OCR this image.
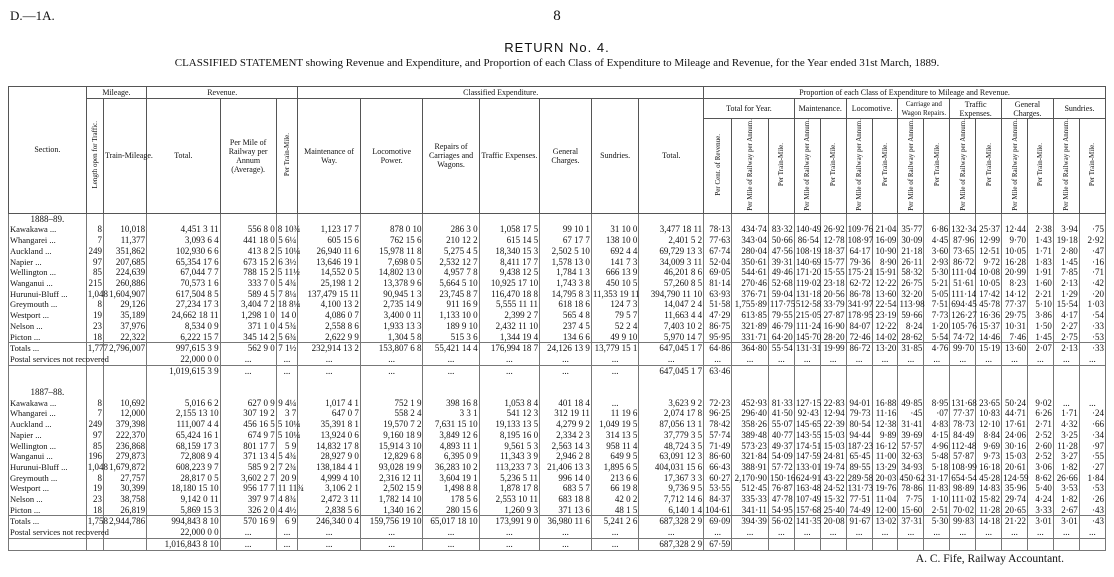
D.—1A.	8
RETURN No. 4.
CLASSIFIED STATEMENT showing Revenue and Expenditure, and Proportion of each Class of Expenditure to Mileage and Revenue, for the Year ended 31st March, 1889.
Section.	Mileage.		Revenue.			Classified Expenditure.							Proportion of each Class of Expenditure to Mileage and Revenue.														
	Length open for Traffic.	Train-Mileage.	Total.	Per Mile of Railway per Annum (Average).	Per Train-Mile.	Maintenance of Way.	Locomotive Power.	Repairs of Carriages and Wagons.	Traffic Expenses.	General Charges.	Sundries.	Total.	Total for Year.			Maintenance.		Locomotive.		Carriage and Wagon Repairs.		Traffic Expenses.		General Charges.		Sundries.	
													Per Cent. of Revenue.	Per Mile of Railway per Annum.	Per Train-Mile.	Per Mile of Railway per Annum.	Per Train-Mile.	Per Mile of Railway per Annum.	Per Train-Mile.	Per Mile of Railway per Annum.	Per Train-Mile.	Per Mile of Railway per Annum.	Per Train-Mile.	Per Mile of Railway per Annum.	Per Train-Mile.	Per Mile of Railway per Annum.	Per Train-Mile.
1888–89.																											
Kawakawa ...	8	10,018	4,451 3 11	556 8 0	8 10¾	1,123 17 7	878 0 10	286 3 0	1,058 17 5	99 10 1	31 10 0	3,477 18 11	78·13	434·74	83·32	140·49	26·92	109·76	21·04	35·77	6·86	132·34	25·37	12·44	2·38	3·94	·75
Whangarei ...	7	11,377	3,093 6 4	441 18 0	5 6¼	605 15 6	762 15 6	210 12 2	615 14 5	67 17 7	138 10 0	2,401 5 2	77·63	343·04	50·66	86·54	12·78	108·97	16·09	30·09	4·45	87·96	12·99	9·70	1·43	19·18	2·92
Auckland ...	249	351,862	102,930 6 6	413 8 2	5 10¼	26,940 11 6	15,978 11 8	5,275 4 5	18,340 15 3	2,502 5 10	692 4 4	69,729 13 3	67·74	280·04	47·56	108·19	18·37	64·17	10·90	21·18	3·60	73·65	12·51	10·05	1·71	2·80	·47
Napier ...	97	207,685	65,354 17 6	673 15 2	6 3½	13,646 19 1	7,698 0 5	2,532 12 7	8,411 17 7	1,578 13 0	141 7 3	34,009 3 11	52·04	350·61	39·31	140·69	15·77	79·36	8·90	26·11	2·93	86·72	9·72	16·28	1·83	1·45	·16
Wellington ...	85	224,639	67,044 7 7	788 15 2	5 11½	14,552 0 5	14,802 13 0	4,957 7 8	9,438 12 5	1,784 1 3	666 13 9	46,201 8 6	69·05	544·61	49·46	171·20	15·55	175·21	15·91	58·32	5·30	111·04	10·08	20·99	1·91	7·85	·71
Wanganui ...	215	260,886	70,573 1 6	333 7 0	5 4¾	25,198 1 2	13,378 9 6	5,664 5 10	10,925 17 10	1,743 3 8	450 10 5	57,260 8 5	81·14	270·46	52·68	119·02	23·18	62·72	12·22	26·75	5·21	51·61	10·05	8·23	1·60	2·13	·42
Hurunui-Bluff ...	1,048	1,604,907	617,504 8 5	589 4 5	7 8¼	137,479 15 11	90,945 1 3	23,745 8 7	116,470 18 8	14,795 8 3	11,353 19 11	394,790 11 10	63·93	376·71	59·04	131·18	20·56	86·78	13·60	32·20	5·05	111·14	17·42	14·12	2·21	1·29	·20
Greymouth ...	8	29,126	27,234 17 3	3,404 7 2	18 8¼	4,100 13 2	2,735 14 9	911 16 9	5,555 11 11	618 18 6	124 7 3	14,047 2 4	51·58	1,755·89	117·75	512·58	33·79	341·97	22·54	113·98	7·51	694·45	45·78	77·37	5·10	15·54	1·03
Westport ...	19	35,189	24,662 18 11	1,298 1 0	14 0	4,086 0 7	3,400 0 11	1,133 10 0	2,399 2 7	565 4 8	79 5 7	11,663 4 4	47·29	613·85	79·55	215·05	27·87	178·95	23·19	59·66	7·73	126·27	16·36	29·75	3·86	4·17	·54
Nelson ...	23	37,976	8,534 0 9	371 1 0	4 5¾	2,558 8 6	1,933 13 3	189 9 10	2,432 11 10	237 4 5	52 2 4	7,403 10 2	86·75	321·89	46·79	111·24	16·90	84·07	12·22	8·24	1·20	105·76	15·37	10·31	1·50	2·27	·33
Picton ...	18	22,322	6,222 15 7	345 14 2	5 6¾	2,622 9 9	1,304 5 8	515 3 6	1,344 19 4	134 6 6	49 9 10	5,970 14 7	95·95	331·71	64·20	145·70	28·20	72·46	14·02	28·62	5·54	74·72	14·46	7·46	1·45	2·75	·53
Totals ...	1,777	2,796,007	997,615 3 9	562 9 0	7 1½	232,914 13 2	153,807 6 8	55,421 14 4	176,994 18 7	24,126 13 9	13,779 15 1	647,045 1 7	64·86	364·80	55·54	131·31	19·99	86·72	13·20	31·85	4·76	99·70	15·19	13·60	2·07	2·13	·33
Postal services not recovered			22,000 0 0	...	...	...	...	...	...	...	...	...	...	...	...	...	...	...	...	...	...	...	...	...	...	...	...
			1,019,615 3 9	...	...	...	...	...	...	...	...	647,045 1 7	63·46														

1887–88.																											
Kawakawa ...	8	10,692	5,016 6 2	627 0 9	9 4¼	1,017 4 1	752 1 9	398 16 8	1,053 8 4	401 18 4	...	3,623 9 2	72·23	452·93	81·33	127·15	22·83	94·01	16·88	49·85	8·95	131·68	23·65	50·24	9·02	...	...
Whangarei ...	7	12,000	2,155 13 10	307 19 2	3 7	647 0 7	558 2 4	3 3 1	541 12 3	312 19 11	11 19 6	2,074 17 8	96·25	296·40	41·50	92·43	12·94	79·73	11·16	·45	·07	77·37	10·83	44·71	6·26	1·71	·24
Auckland ...	249	379,398	111,007 4 4	456 16 5	5 10¼	35,391 8 1	19,570 7 2	7,631 15 10	19,133 13 5	4,279 9 2	1,049 19 5	87,056 13 1	78·42	358·26	55·07	145·65	22·39	80·54	12·38	31·41	4·83	78·73	12·10	17·61	2·71	4·32	·66
Napier ...	97	222,370	65,424 16 1	674 9 7	5 10¼	13,924 0 6	9,160 18 9	3,849 12 6	8,195 16 0	2,334 2 3	314 13 5	37,779 3 5	57·74	389·48	40·77	143·55	15·03	94·44	9·89	39·69	4·15	84·49	8·84	24·06	2·52	3·25	·34
Wellington ...	85	236,868	68,159 17 3	801 17 7	5 9	14,832 17 8	15,914 3 10	4,893 11 1	9,561 5 3	2,563 14 3	958 11 4	48,724 3 5	71·49	573·23	49·37	174·51	15·03	187·23	16·12	57·57	4·96	112·48	9·69	30·16	2·60	11·28	·97
Wanganui ...	196	279,873	72,808 9 4	371 13 4	5 4¾	28,927 9 0	12,829 6 8	6,395 0 9	11,343 3 9	2,946 2 8	649 9 5	63,091 12 3	86·60	321·84	54·09	147·59	24·81	65·45	11·00	32·63	5·48	57·87	9·73	15·03	2·52	3·27	·55
Hurunui-Bluff ...	1,048	1,679,872	608,223 9 7	585 9 2	7 2¾	138,184 4 1	93,028 19 9	36,283 10 2	113,233 7 3	21,406 13 3	1,895 6 5	404,031 15 6	66·43	388·91	57·72	133·01	19·74	89·55	13·29	34·93	5·18	108·99	16·18	20·61	3·06	1·82	·27
Greymouth ...	8	27,757	28,817 0 5	3,602 2 7	20 9	4,999 4 10	2,316 12 11	3,604 19 1	5,236 5 11	996 14 0	213 6 6	17,367 3 3	60·27	2,170·90	150·16	624·91	43·22	289·58	20·03	450·62	31·17	654·54	45·28	124·59	8·62	26·66	1·84
Westport ...	19	30,399	18,180 15 10	956 17 7	11 11¾	3,106 2 1	2,502 15 9	1,498 8 8	1,878 17 8	683 5 7	66 19 8	9,736 9 5	53·55	512·45	76·87	163·48	24·52	131·73	19·76	78·86	11·83	98·89	14·83	35·96	5·40	3·53	·53
Nelson ...	23	38,758	9,142 0 11	397 9 7	4 8¾	2,472 3 11	1,782 14 10	178 5 6	2,553 10 11	683 18 8	42 0 2	7,712 14 6	84·37	335·33	47·78	107·49	15·32	77·51	11·04	7·75	1·10	111·02	15·82	29·74	4·24	1·82	·26
Picton ...	18	26,819	5,869 15 3	326 2 0	4 4½	2,838 5 6	1,340 16 2	280 15 6	1,260 9 3	371 13 6	48 1 5	6,140 1 4	104·61	341·11	54·95	157·68	25·40	74·49	12·00	15·60	2·51	70·02	11·28	20·65	3·33	2·67	·43
Totals ...	1,758	2,944,786	994,843 8 10	570 16 9	6 9	246,340 0 4	159,756 19 10	65,017 18 10	173,991 9 0	36,980 11 6	5,241 2 6	687,328 2 9	69·09	394·39	56·02	141·35	20·08	91·67	13·02	37·31	5·30	99·83	14·18	21·22	3·01	3·01	·43
Postal services not recovered			22,000 0 0	...	...	...	...	...	...	...	...	...	...	...	...	...	...	...	...	...	...	...	...	...	...	...	...
			1,016,843 8 10	...	...	...	...	...	...	...	...	687,328 2 9	67·59														
A. C. Fife, Railway Accountant.
